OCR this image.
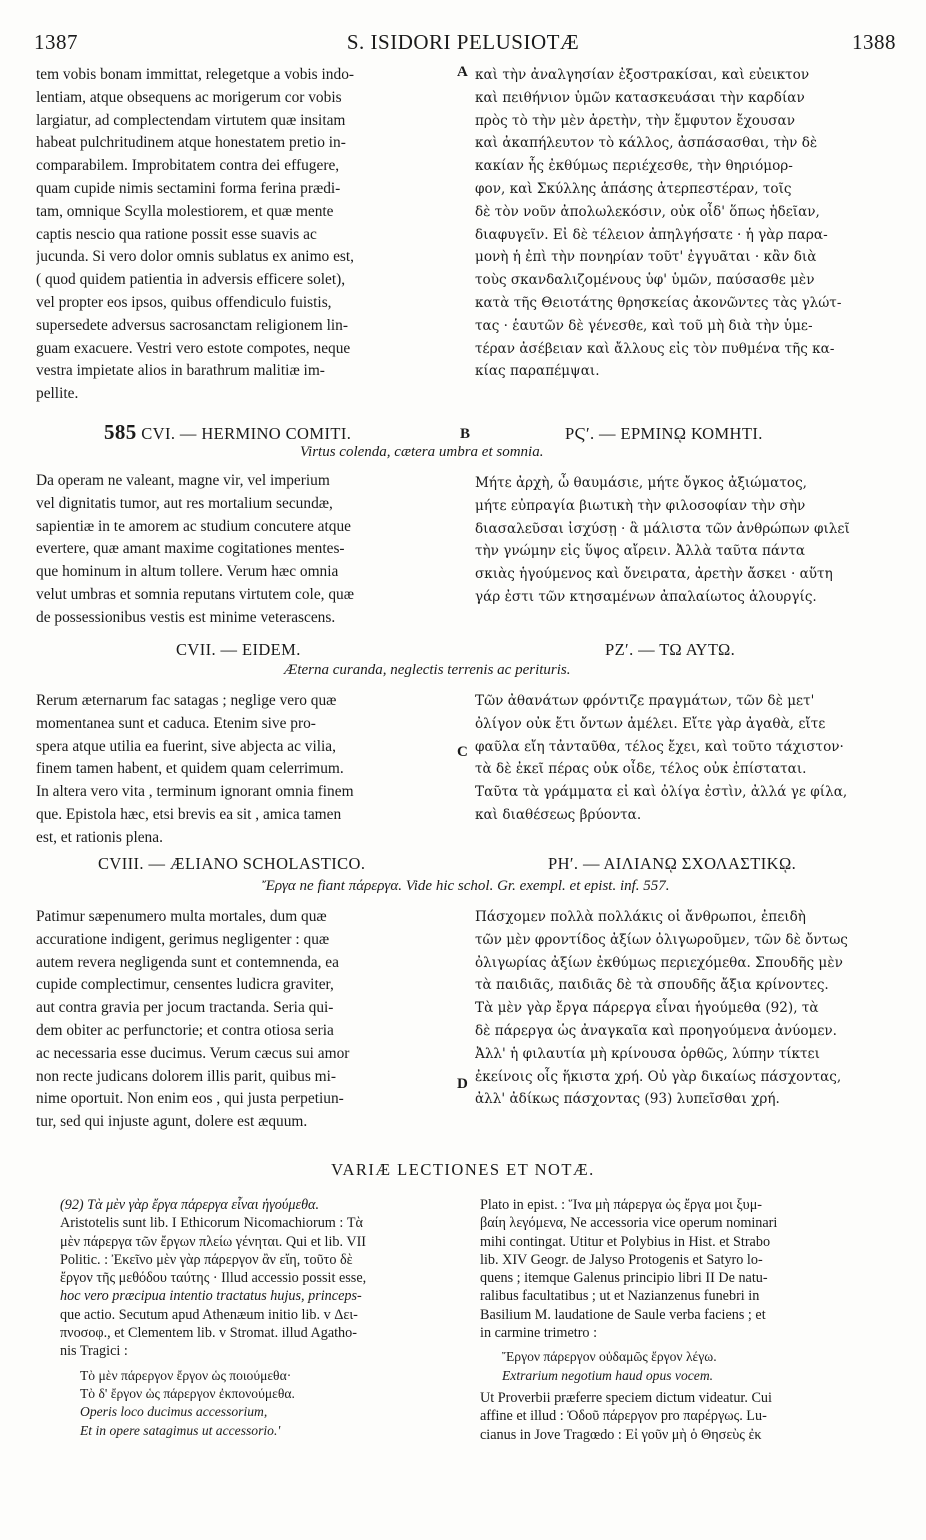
1387	S. ISIDORI PELUSIOTÆ	1388
A
B
C
D
tem vobis bonam immittat, relegetque a vobis indo-
lentiam, atque obsequens ac morigerum cor vobis
largiatur, ad complectendam virtutem quæ insitam
habeat pulchritudinem atque honestatem pretio in-
comparabilem. Improbitatem contra dei effugere,
quam cupide nimis sectamini forma ferina prædi-
tam, omnique Scylla molestiorem, et quæ mente
captis nescio qua ratione possit esse suavis ac
jucunda. Si vero dolor omnis sublatus ex animo est,
( quod quidem patientia in adversis efficere solet),
vel propter eos ipsos, quibus offendiculo fuistis,
supersedete adversus sacrosanctam religionem lin-
guam exacuere. Vestri vero estote compotes, neque
vestra impietate alios in barathrum malitiæ im-
pellite.
καὶ τὴν ἀναλγησίαν ἐξοστρακίσαι, καὶ εὐεικτον
καὶ πειθήνιον ὑμῶν κατασκευάσαι τὴν καρδίαν
πρὸς τὸ τὴν μὲν ἀρετὴν, τὴν ἔμφυτον ἔχουσαν
καὶ ἀκαπήλευτον τὸ κάλλος, ἀσπάσασθαι, τὴν δὲ
κακίαν ἧς ἐκθύμως περιέχεσθε, τὴν θηριόμορ-
φον, καὶ Σκύλλης ἁπάσης ἀτερπεστέραν, τοῖς
δὲ τὸν νοῦν ἀπολωλεκόσιν, οὐκ οἶδ' ὅπως ἡδεῖαν,
διαφυγεῖν. Εἰ δὲ τέλειον ἀπηλγήσατε · ἡ γὰρ παρα-
μονὴ ἡ ἐπὶ τὴν πονηρίαν τοῦτ' ἐγγυᾶται · κἂν διὰ
τοὺς σκανδαλιζομένους ὑφ' ὑμῶν, παύσασθε μὲν
κατὰ τῆς Θειοτάτης θρησκείας ἀκονῶντες τὰς γλώτ-
τας · ἑαυτῶν δὲ γένεσθε, καὶ τοῦ μὴ διὰ τὴν ὑμε-
τέραν ἀσέβειαν καὶ ἄλλους εἰς τὸν πυθμένα τῆς κα-
κίας παραπέμψαι.
585 CVI. — HERMINO COMITI.	ΡϚʹ. — ΕΡΜΙΝῼ ΚΟΜΗΤΙ.
Virtus colenda, cætera umbra et somnia.
Da operam ne valeant, magne vir, vel imperium
vel dignitatis tumor, aut res mortalium secundæ,
sapientiæ in te amorem ac studium concutere atque
evertere, quæ amant maxime cogitationes mentes-
que hominum in altum tollere. Verum hæc omnia
velut umbras et somnia reputans virtutem cole, quæ
de possessionibus vestis est minime veterascens.
Μήτε ἀρχὴ, ὦ θαυμάσιε, μήτε ὄγκος ἀξιώματος,
μήτε εὐπραγία βιωτικὴ τὴν φιλοσοφίαν τὴν σὴν
διασαλεῦσαι ἰσχύσῃ · ἃ μάλιστα τῶν ἀνθρώπων φιλεῖ
τὴν γνώμην εἰς ὕψος αἴρειν. Ἀλλὰ ταῦτα πάντα
σκιὰς ἡγούμενος καὶ ὄνειρατα, ἀρετὴν ἄσκει · αὕτη
γάρ ἐστι τῶν κτησαμένων ἀπαλαίωτος ἁλουργίς.
CVII. — EIDEM.	ΡΖʹ. — ΤΩ ΑΥΤΩ.
Æterna curanda, neglectis terrenis ac perituris.
Rerum æternarum fac satagas ; neglige vero quæ
momentanea sunt et caduca. Etenim sive pro-
spera atque utilia ea fuerint, sive abjecta ac vilia,
finem tamen habent, et quidem quam celerrimum.
In altera vero vita , terminum ignorant omnia finem
que. Epistola hæc, etsi brevis ea sit , amica tamen
est, et rationis plena.
Τῶν ἀθανάτων φρόντιζε πραγμάτων, τῶν δὲ μετ'
ὀλίγον οὐκ ἔτι ὄντων ἀμέλει. Εἴτε γὰρ ἀγαθὰ, εἴτε
φαῦλα εἴη τἀνταῦθα, τέλος ἔχει, καὶ τοῦτο τάχιστον·
τὰ δὲ ἐκεῖ πέρας οὐκ οἶδε, τέλος οὐκ ἐπίσταται.
Ταῦτα τὰ γράμματα εἰ καὶ ὀλίγα ἐστὶν, ἀλλά γε φίλα,
καὶ διαθέσεως βρύοντα.
CVIII. — ÆLIANO SCHOLASTICO.	ΡΗʹ. — ΑΙΛΙΑΝῼ ΣΧΟΛΑΣΤΙΚῼ.
Ἔργα ne fiant πάρεργα. Vide hic schol. Gr. exempl. et epist. inf. 557.
Patimur sæpenumero multa mortales, dum quæ
accuratione indigent, gerimus negligenter : quæ
autem revera negligenda sunt et contemnenda, ea
cupide complectimur, censentes ludicra graviter,
aut contra gravia per jocum tractanda. Seria qui-
dem obiter ac perfunctorie; et contra otiosa seria
ac necessaria esse ducimus. Verum cæcus sui amor
non recte judicans dolorem illis parit, quibus mi-
nime oportuit. Non enim eos , qui justa perpetiun-
tur, sed qui injuste agunt, dolere est æquum.
Πάσχομεν πολλὰ πολλάκις οἱ ἄνθρωποι, ἐπειδὴ
τῶν μὲν φροντίδος ἀξίων ὀλιγωροῦμεν, τῶν δὲ ὄντως
ὀλιγωρίας ἀξίων ἐκθύμως περιεχόμεθα. Σπουδῆς μὲν
τὰ παιδιᾶς, παιδιᾶς δὲ τὰ σπουδῆς ἄξια κρίνοντες.
Τὰ μὲν γὰρ ἔργα πάρεργα εἶναι ἡγούμεθα (92), τὰ
δὲ πάρεργα ὡς ἀναγκαῖα καὶ προηγούμενα ἀνύομεν.
Ἀλλ' ἡ φιλαυτία μὴ κρίνουσα ὀρθῶς, λύπην τίκτει
ἐκείνοις οἷς ἥκιστα χρή. Οὐ γὰρ δικαίως πάσχοντας,
ἀλλ' ἀδίκως πάσχοντας (93) λυπεῖσθαι χρή.
VARIÆ LECTIONES ET NOTÆ.
(92) Τὰ μὲν γὰρ ἔργα πάρεργα εἶναι ἡγούμεθα.
Aristotelis sunt lib. I Ethicorum Nicomachiorum : Τὰ
μὲν πάρεργα τῶν ἔργων πλείω γένηται. Qui et lib. VII
Politic. : Ἐκεῖνο μὲν γὰρ πάρεργον ἂν εἴη, τοῦτο δὲ
ἔργον τῆς μεθόδου ταύτης · Illud accessio possit esse,
hoc vero præcipua intentio tractatus hujus, princeps-
que actio. Secutum apud Athenæum initio lib. v Δει-
πνοσοφ., et Clementem lib. v Stromat. illud Agatho-
nis Tragici :
Τὸ μὲν πάρεργον ἔργον ὡς ποιούμεθα·
Τὸ δ' ἔργον ὡς πάρεργον ἐκπονούμεθα.
Operis loco ducimus accessorium,
Et in opere satagimus ut accessorio.'
Plato in epist. : Ἵνα μὴ πάρεργα ὡς ἔργα μοι ξυμ-
βαίη λεγόμενα, Ne accessoria vice operum nominari
mihi contingat. Utitur et Polybius in Hist. et Strabo
lib. XIV Geogr. de Jalyso Protogenis et Satyro lo-
quens ; itemque Galenus principio libri II De natu-
ralibus facultatibus ; ut et Nazianzenus funebri in
Basilium M. laudatione de Saule verba faciens ; et
in carmine trimetro :
Ἔργον πάρεργον οὐδαμῶς ἔργον λέγω.
Extrarium negotium haud opus vocem.
Ut Proverbii præferre speciem dictum videatur. Cui
affine et illud : Ὁδοῦ πάρεργον pro παρέργως. Lu-
cianus in Jove Tragœdo : Εἰ γοῦν μὴ ὁ Θησεὺς ἐκ
